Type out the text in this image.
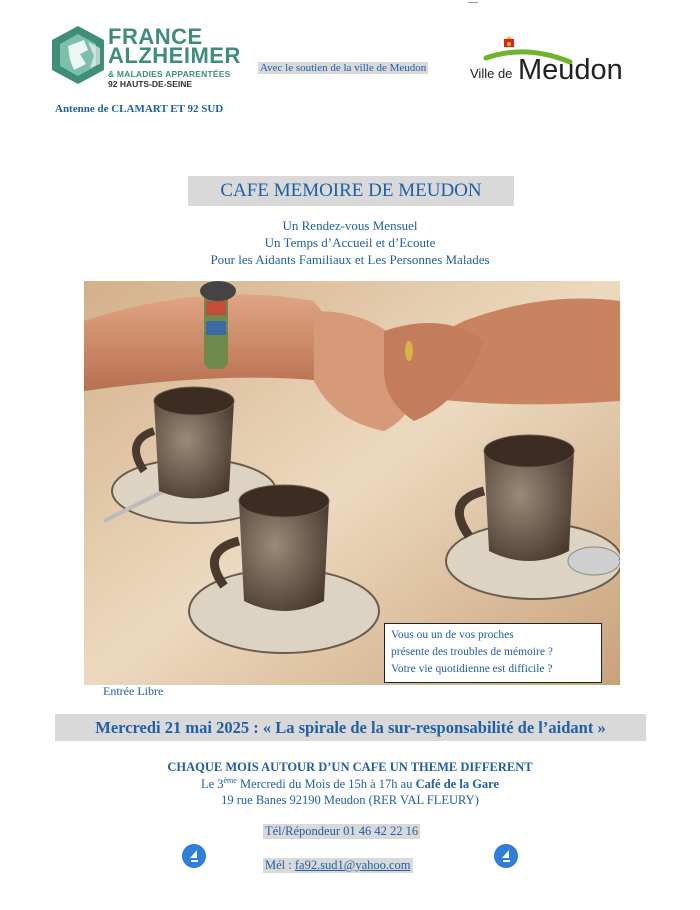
FRANCE
ALZHEIMER
& MALADIES APPARENTÉES
92 HAUTS-DE-SEINE
Avec le soutien de la ville de Meudon
Antenne de CLAMART ET 92 SUD
Ville de Meudon
CAFE MEMOIRE DE MEUDON
Un Rendez-vous Mensuel
Un Temps d’Accueil et d’Ecoute
Pour les Aidants Familiaux et Les Personnes Malades
Vous ou un de vos proches
présente des troubles de mémoire ?
Votre vie quotidienne est difficile ?
Entrée Libre
Mercredi 21 mai 2025 : « La spirale de la sur-responsabilité de l’aidant »
CHAQUE MOIS AUTOUR D’UN CAFE UN THEME DIFFERENT
Le 3ème Mercredi du Mois de 15h à 17h au Café de la Gare
19 rue Banes 92190 Meudon (RER VAL FLEURY)
Tél/Répondeur 01 46 42 22 16
Mél : fa92.sud1@yahoo.com
